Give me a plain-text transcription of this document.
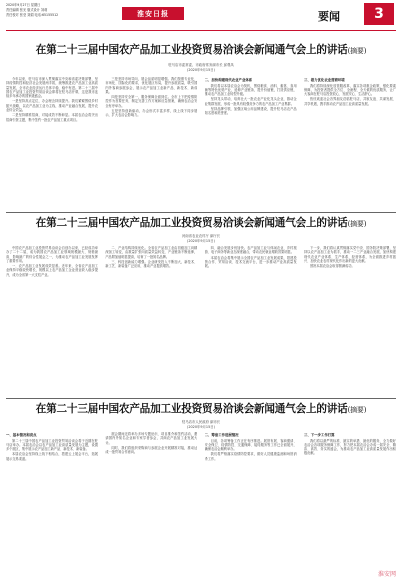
2020年9月27日 星期日
责任编辑 张光 版式设计 刘莉
责任校对 张莹 刘娟 电话:65155512	淮安日报	要闻	3
在第二十三届中国农产品加工业投资贸易洽谈会新闻通气会上的讲话(摘要)
驻马店市委常委、市政府常务副市长 邱观凤
(2020年9月15日)

今年以来，驻马店市深入贯彻落实中央和省委决策部署，坚持疫情防控和经济社会发展两手抓，统筹推进农产品加工业高质量发展，全市农业经济运行总体平稳、稳中有进。第二十三届中国农产品加工业投资贸易洽谈会即将在驻马店开幕，这是我市连续多年承办的国家级盛会。

一是坚持高点定位，办会理念持续提升。我们紧紧围绕乡村振兴战略，以农产品加工业为主线，推动产业融合发展，提升农业综合效益。

二是坚持精准招商，对接成效不断彰显。本届农洽会将突出招商引资主题，集中签约一批农产品加工重点项目。

三是坚持市场导向，展会品质明显增强。我们按照专业化、市场化、国际化的要求，优化展区布局，提升参展质量，吸引国内外客商参展参会，展示农产品加工业新产品、新技术、新成果。

四是坚持安全第一，服务保障全面到位。全市上下把疫情防控作为首要任务，制定完善工作方案和应急预案，确保农洽会安全有序举办。

五是坚持创新驱动，办会形式丰富多样，线上线下同步展示，扩大农洽会影响力。

二、加快构建现代农业产业体系

我们将以本届农洽会为契机，围绕粮食、油料、畜禽、食用菌等特色优势产业，延伸产业链条，提升价值链，打造供应链，推动农产品加工业转型升级。

坚持龙头带动，培育壮大一批农业产业化龙头企业，推动企业集群发展，形成一批具有较强竞争力的农产品加工产业集群。

坚持品牌引领，加强区域公用品牌建设，提升驻马店农产品知名度和美誉度。

三、着力优化农业营商环境

我们将持续深化放管服改革，落实各项惠企政策，强化要素保障，为投资者提供全方位、全流程、全天候的优质服务，让广大客商在驻马店投资放心、发展安心、生活舒心。

热忱欢迎社会各界朋友莅临驻马店，共叙友谊、共谋发展、共享机遇，携手推动农产品加工业高质量发展。

在第二十三届中国农产品加工业投资贸易洽谈会新闻通气会上的讲话(摘要)
河南省农业农村厅 副厅长
(2020年9月15日)

中国农产品加工业投资贸易洽谈会自创办以来，已经成功举办了二十二届，成为我国农产品加工业领域规模最大、规格最高、影响最广的综合性展会之一，为推动农产品加工业发展发挥了重要作用。

一、农产品加工业发展成效显著。近年来，全省农产品加工业保持平稳较快增长，规模以上农产品加工企业营业收入稳步提升，成为全省第一大支柱产业。

二、产业结构持续优化。全省农产品加工业由初级加工向精深加工转变，由数量扩张向质量效益转变，产业链条不断延伸，产品附加值明显提高，培育了一批知名品牌。

三、科技创新能力增强。企业研发投入不断加大，新技术、新工艺、新装备广泛应用，推动产业提质增效。

四、融合发展步伐加快。农产品加工业与休闲农业、乡村旅游、电子商务等新业态深度融合，带动农民就业增收效果明显。

本届农洽会将集中展示全国农产品加工业发展成果，搭建投资合作、贸易洽谈、技术交流平台，进一步推动产业高质量发展。

下一步，我们将认真贯彻落实党中央、国务院决策部署，坚持以农产品加工业为抓手，推动一二三产业融合发展，加快构建现代农业产业体系、生产体系、经营体系，为全面推进乡村振兴、加快农业农村现代化作出新的更大贡献。

预祝本届农洽会取得圆满成功。

在第二十三届中国农产品加工业投资贸易洽谈会新闻通气会上的讲话(摘要)
驻马店市人民政府 副市长
(2020年9月15日)
一、基本情况和亮点

第二十三届中国农产品加工业投资贸易洽谈会将于近期在驻马店举办。本届农洽会以农产品加工业高质量发展为主题，设置多个展区，集中展示农产品加工新产品、新技术、新装备。

本届农洽会坚持线上线下相结合，搭建云上展会平台，拓展展示交易渠道。

展会期间还将举办多场专题论坛、项目推介和签约活动，邀请国内外知名企业和专家学者参会，共商农产品加工业发展大计。

同时，我们将组织采购商与参展企业开展精准对接，推动达成一批贸易合作意向。

二、筹备工作进展情况

目前，各项筹备工作正在有序推进。展馆布展、客商邀请、安全保卫、疫情防控、交通保障、接待服务等工作已全面展开，确保农洽会顺利举办。

我们将严格落实疫情防控要求，做好人员健康监测和场馆消杀工作。

三、下一步工作打算

我们将以最严的标准、最实的举措、最优的服务，全力做好农洽会各项服务保障工作，努力把本届农洽会办成一届安全、精彩、高效、务实的盛会，为推动农产品加工业高质量发展作出积极贡献。

淮安网
